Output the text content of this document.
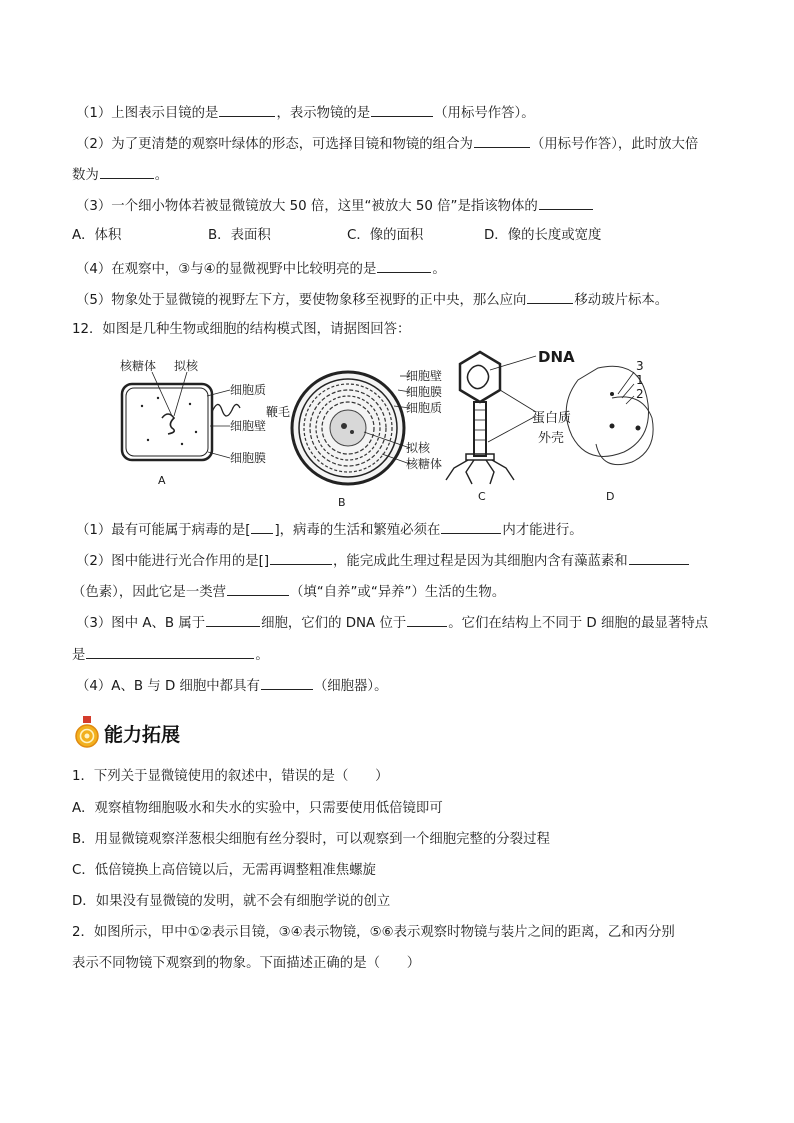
（1）上图表示目镜的是	，表示物镜的是	（用标号作答）。
（2）为了更清楚的观察叶绿体的形态，可选择目镜和物镜的组合为	（用标号作答），此时放大倍
数为	。
（3）一个细小物体若被显微镜放大 50 倍，这里“被放大 50 倍”是指该物体的
A．体积	B．表面积	C．像的面积	D．像的长度或宽度
（4）在观察中，③与④的显微视野中比较明亮的是	。
（5）物象处于显微镜的视野左下方，要使物象移至视野的正中央，那么应向	移动玻片标本。
12．如图是几种生物或细胞的结构模式图，请据图回答：
核糖体 拟核
细胞质
鞭毛
细胞壁
细胞膜
A
细胞壁
细胞膜
细胞质
拟核
核糖体
B
DNA
蛋白质
外壳
C
3
1
2
D
（1）最有可能属于病毒的是[ ]，病毒的生活和繁殖必须在	内才能进行。
（2）图中能进行光合作用的是[]	，能完成此生理过程是因为其细胞内含有藻蓝素和
（色素），因此它是一类营	（填“自养”或“异养”）生活的生物。
（3）图中 A、B 属于	细胞，它们的 DNA 位于	。它们在结构上不同于 D 细胞的最显著特点
是	。
（4）A、B 与 D 细胞中都具有	（细胞器）。
能力拓展
1．下列关于显微镜使用的叙述中，错误的是（　　）
A．观察植物细胞吸水和失水的实验中，只需要使用低倍镜即可
B．用显微镜观察洋葱根尖细胞有丝分裂时，可以观察到一个细胞完整的分裂过程
C．低倍镜换上高倍镜以后，无需再调整粗准焦螺旋
D．如果没有显微镜的发明，就不会有细胞学说的创立
2．如图所示，甲中①②表示目镜，③④表示物镜，⑤⑥表示观察时物镜与装片之间的距离，乙和丙分别
表示不同物镜下观察到的物象。下面描述正确的是（　　）
